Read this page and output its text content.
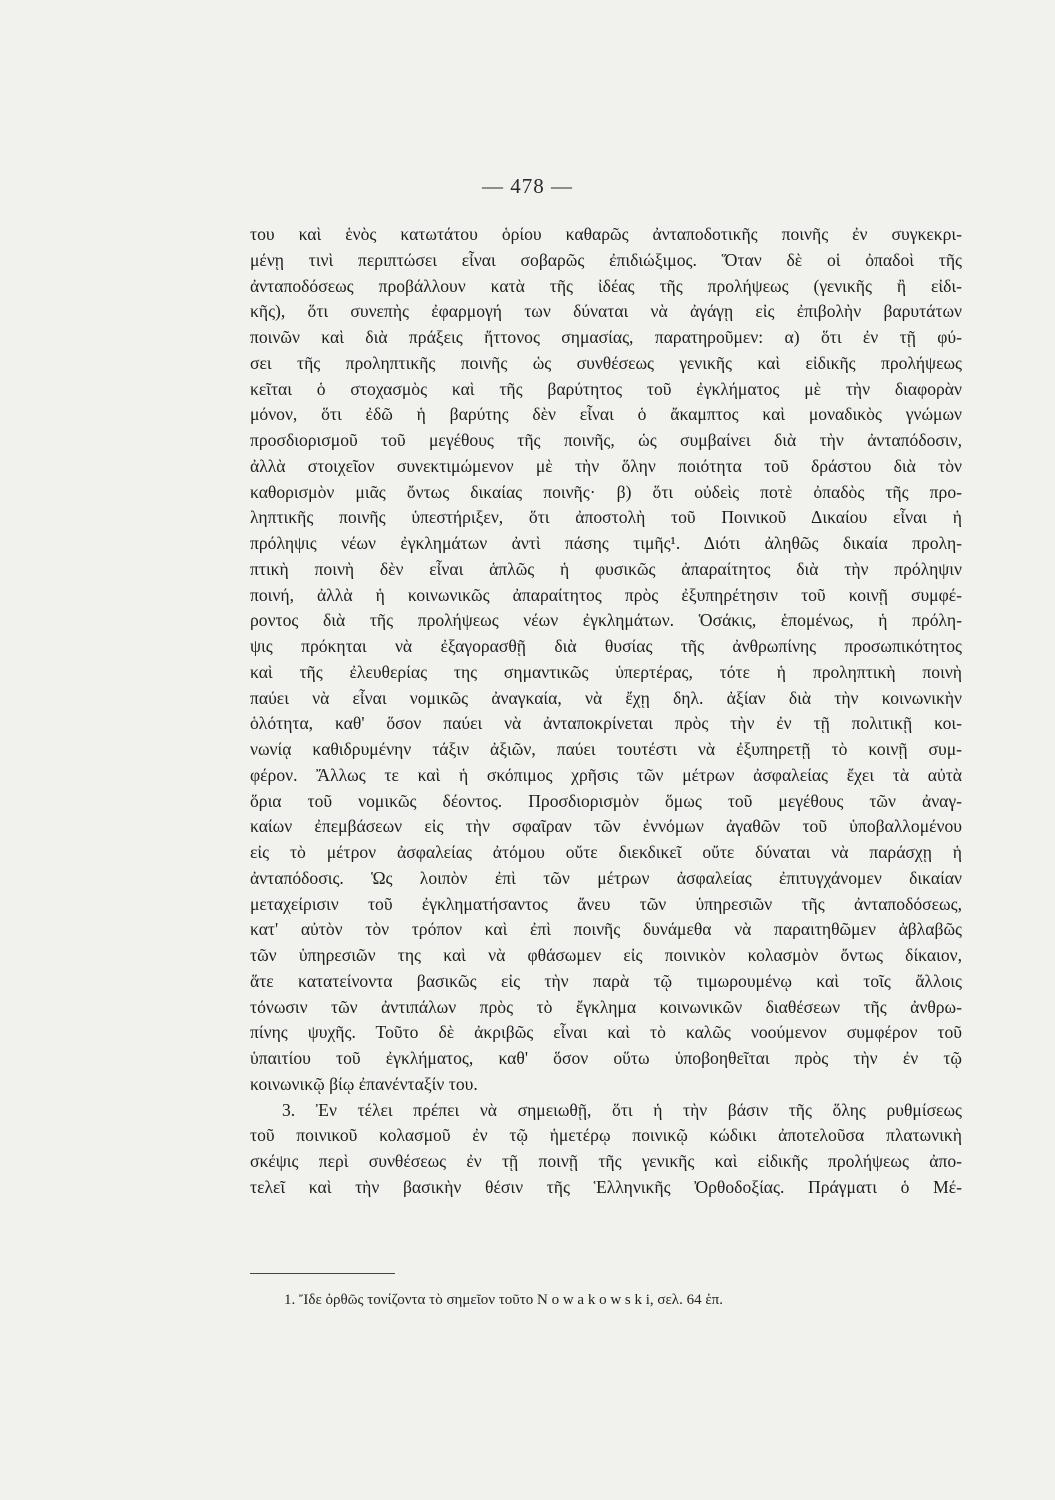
— 478 —

του καὶ ἑνὸς κατωτάτου ὁρίου καθαρῶς ἀνταποδοτικῆς ποινῆς ἐν συγκεκρι-

μένῃ τινὶ περιπτώσει εἶναι σοβαρῶς ἐπιδιώξιμος. Ὅταν δὲ οἱ ὀπαδοὶ τῆς

ἀνταποδόσεως προβάλλουν κατὰ τῆς ἰδέας τῆς προλήψεως (γενικῆς ἢ εἰδι-

κῆς), ὅτι συνεπὴς ἐφαρμογή των δύναται νὰ ἀγάγῃ εἰς ἐπιβολὴν βαρυτάτων

ποινῶν καὶ διὰ πράξεις ἥττονος σημασίας, παρατηροῦμεν: α) ὅτι ἐν τῇ φύ-

σει τῆς προληπτικῆς ποινῆς ὡς συνθέσεως γενικῆς καὶ εἰδικῆς προλήψεως

κεῖται ὁ στοχασμὸς καὶ τῆς βαρύτητος τοῦ ἐγκλήματος μὲ τὴν διαφορὰν

μόνον, ὅτι ἐδῶ ἡ βαρύτης δὲν εἶναι ὁ ἄκαμπτος καὶ μοναδικὸς γνώμων

προσδιορισμοῦ τοῦ μεγέθους τῆς ποινῆς, ὡς συμβαίνει διὰ τὴν ἀνταπόδοσιν,

ἀλλὰ στοιχεῖον συνεκτιμώμενον μὲ τὴν ὅλην ποιότητα τοῦ δράστου διὰ τὸν

καθορισμὸν μιᾶς ὄντως δικαίας ποινῆς· β) ὅτι οὐδεὶς ποτὲ ὀπαδὸς τῆς προ-

ληπτικῆς ποινῆς ὑπεστήριξεν, ὅτι ἀποστολὴ τοῦ Ποινικοῦ Δικαίου εἶναι ἡ

πρόληψις νέων ἐγκλημάτων ἀντὶ πάσης τιμῆς¹. Διότι ἀληθῶς δικαία προλη-

πτικὴ ποινὴ δὲν εἶναι ἁπλῶς ἡ φυσικῶς ἀπαραίτητος διὰ τὴν πρόληψιν

ποινή, ἀλλὰ ἡ κοινωνικῶς ἀπαραίτητος πρὸς ἐξυπηρέτησιν τοῦ κοινῇ συμφέ-

ροντος διὰ τῆς προλήψεως νέων ἐγκλημάτων. Ὁσάκις, ἑπομένως, ἡ πρόλη-

ψις πρόκηται νὰ ἐξαγορασθῇ διὰ θυσίας τῆς ἀνθρωπίνης προσωπικότητος

καὶ τῆς ἐλευθερίας της σημαντικῶς ὑπερτέρας, τότε ἡ προληπτικὴ ποινὴ

παύει νὰ εἶναι νομικῶς ἀναγκαία, νὰ ἔχῃ δηλ. ἀξίαν διὰ τὴν κοινωνικὴν

ὁλότητα, καθ' ὅσον παύει νὰ ἀνταποκρίνεται πρὸς τὴν ἐν τῇ πολιτικῇ κοι-

νωνίᾳ καθιδρυμένην τάξιν ἀξιῶν, παύει τουτέστι νὰ ἐξυπηρετῇ τὸ κοινῇ συμ-

φέρον. Ἄλλως τε καὶ ἡ σκόπιμος χρῆσις τῶν μέτρων ἀσφαλείας ἔχει τὰ αὐτὰ

ὅρια τοῦ νομικῶς δέοντος. Προσδιορισμὸν ὅμως τοῦ μεγέθους τῶν ἀναγ-

καίων ἐπεμβάσεων εἰς τὴν σφαῖραν τῶν ἐννόμων ἀγαθῶν τοῦ ὑποβαλλομένου

εἰς τὸ μέτρον ἀσφαλείας ἀτόμου οὔτε διεκδικεῖ οὔτε δύναται νὰ παράσχῃ ἡ

ἀνταπόδοσις. Ὡς λοιπὸν ἐπὶ τῶν μέτρων ἀσφαλείας ἐπιτυγχάνομεν δικαίαν

μεταχείρισιν τοῦ ἐγκληματήσαντος ἄνευ τῶν ὑπηρεσιῶν τῆς ἀνταποδόσεως,

κατ' αὐτὸν τὸν τρόπον καὶ ἐπὶ ποινῆς δυνάμεθα νὰ παραιτηθῶμεν ἀβλαβῶς

τῶν ὑπηρεσιῶν της καὶ νὰ φθάσωμεν εἰς ποινικὸν κολασμὸν ὄντως δίκαιον,

ἅτε κατατείνοντα βασικῶς εἰς τὴν παρὰ τῷ τιμωρουμένῳ καὶ τοῖς ἄλλοις

τόνωσιν τῶν ἀντιπάλων πρὸς τὸ ἔγκλημα κοινωνικῶν διαθέσεων τῆς ἀνθρω-

πίνης ψυχῆς. Τοῦτο δὲ ἀκριβῶς εἶναι καὶ τὸ καλῶς νοούμενον συμφέρον τοῦ

ὑπαιτίου τοῦ ἐγκλήματος, καθ' ὅσον οὕτω ὑποβοηθεῖται πρὸς τὴν ἐν τῷ

κοινωνικῷ βίῳ ἐπανένταξίν του.

3. Ἐν τέλει πρέπει νὰ σημειωθῇ, ὅτι ἡ τὴν βάσιν τῆς ὅλης ρυθμίσεως

τοῦ ποινικοῦ κολασμοῦ ἐν τῷ ἡμετέρῳ ποινικῷ κώδικι ἀποτελοῦσα πλατωνικὴ

σκέψις περὶ συνθέσεως ἐν τῇ ποινῇ τῆς γενικῆς καὶ εἰδικῆς προλήψεως ἀπο-

τελεῖ καὶ τὴν βασικὴν θέσιν τῆς Ἑλληνικῆς Ὀρθοδοξίας. Πράγματι ὁ Μέ-

1. Ἴδε ὀρθῶς τονίζοντα τὸ σημεῖον τοῦτο N o w a k o w s k i, σελ. 64 ἑπ.
